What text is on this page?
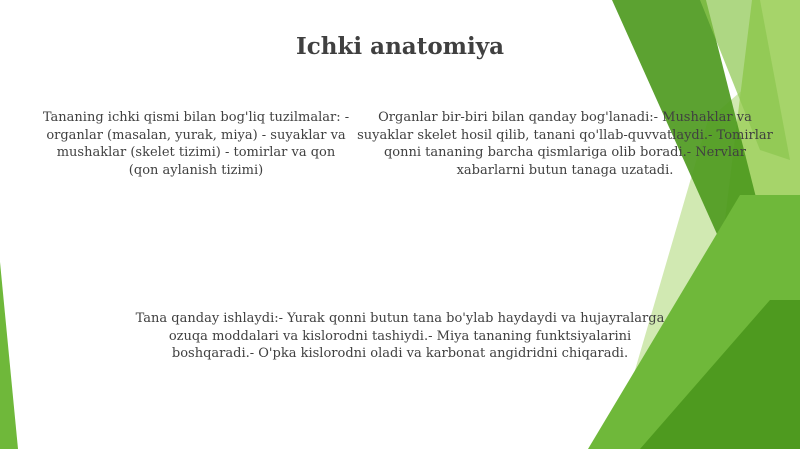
Ichki anatomiya

Tananing ichki qismi bilan bog'liq tuzilmalar: - organlar (masalan, yurak, miya) - suyaklar va mushaklar (skelet tizimi) - tomirlar va qon (qon aylanish tizimi)

Organlar bir-biri bilan qanday bog'lanadi:- Mushaklar va suyaklar skelet hosil qilib, tanani qo'llab-quvvatlaydi.- Tomirlar qonni tananing barcha qismlariga olib boradi.- Nervlar xabarlarni butun tanaga uzatadi.

Tana qanday ishlaydi:- Yurak qonni butun tana bo'ylab haydaydi va hujayralarga ozuqa moddalari va kislorodni tashiydi.- Miya tananing funktsiyalarini boshqaradi.- O'pka kislorodni oladi va karbonat angidridni chiqaradi.
